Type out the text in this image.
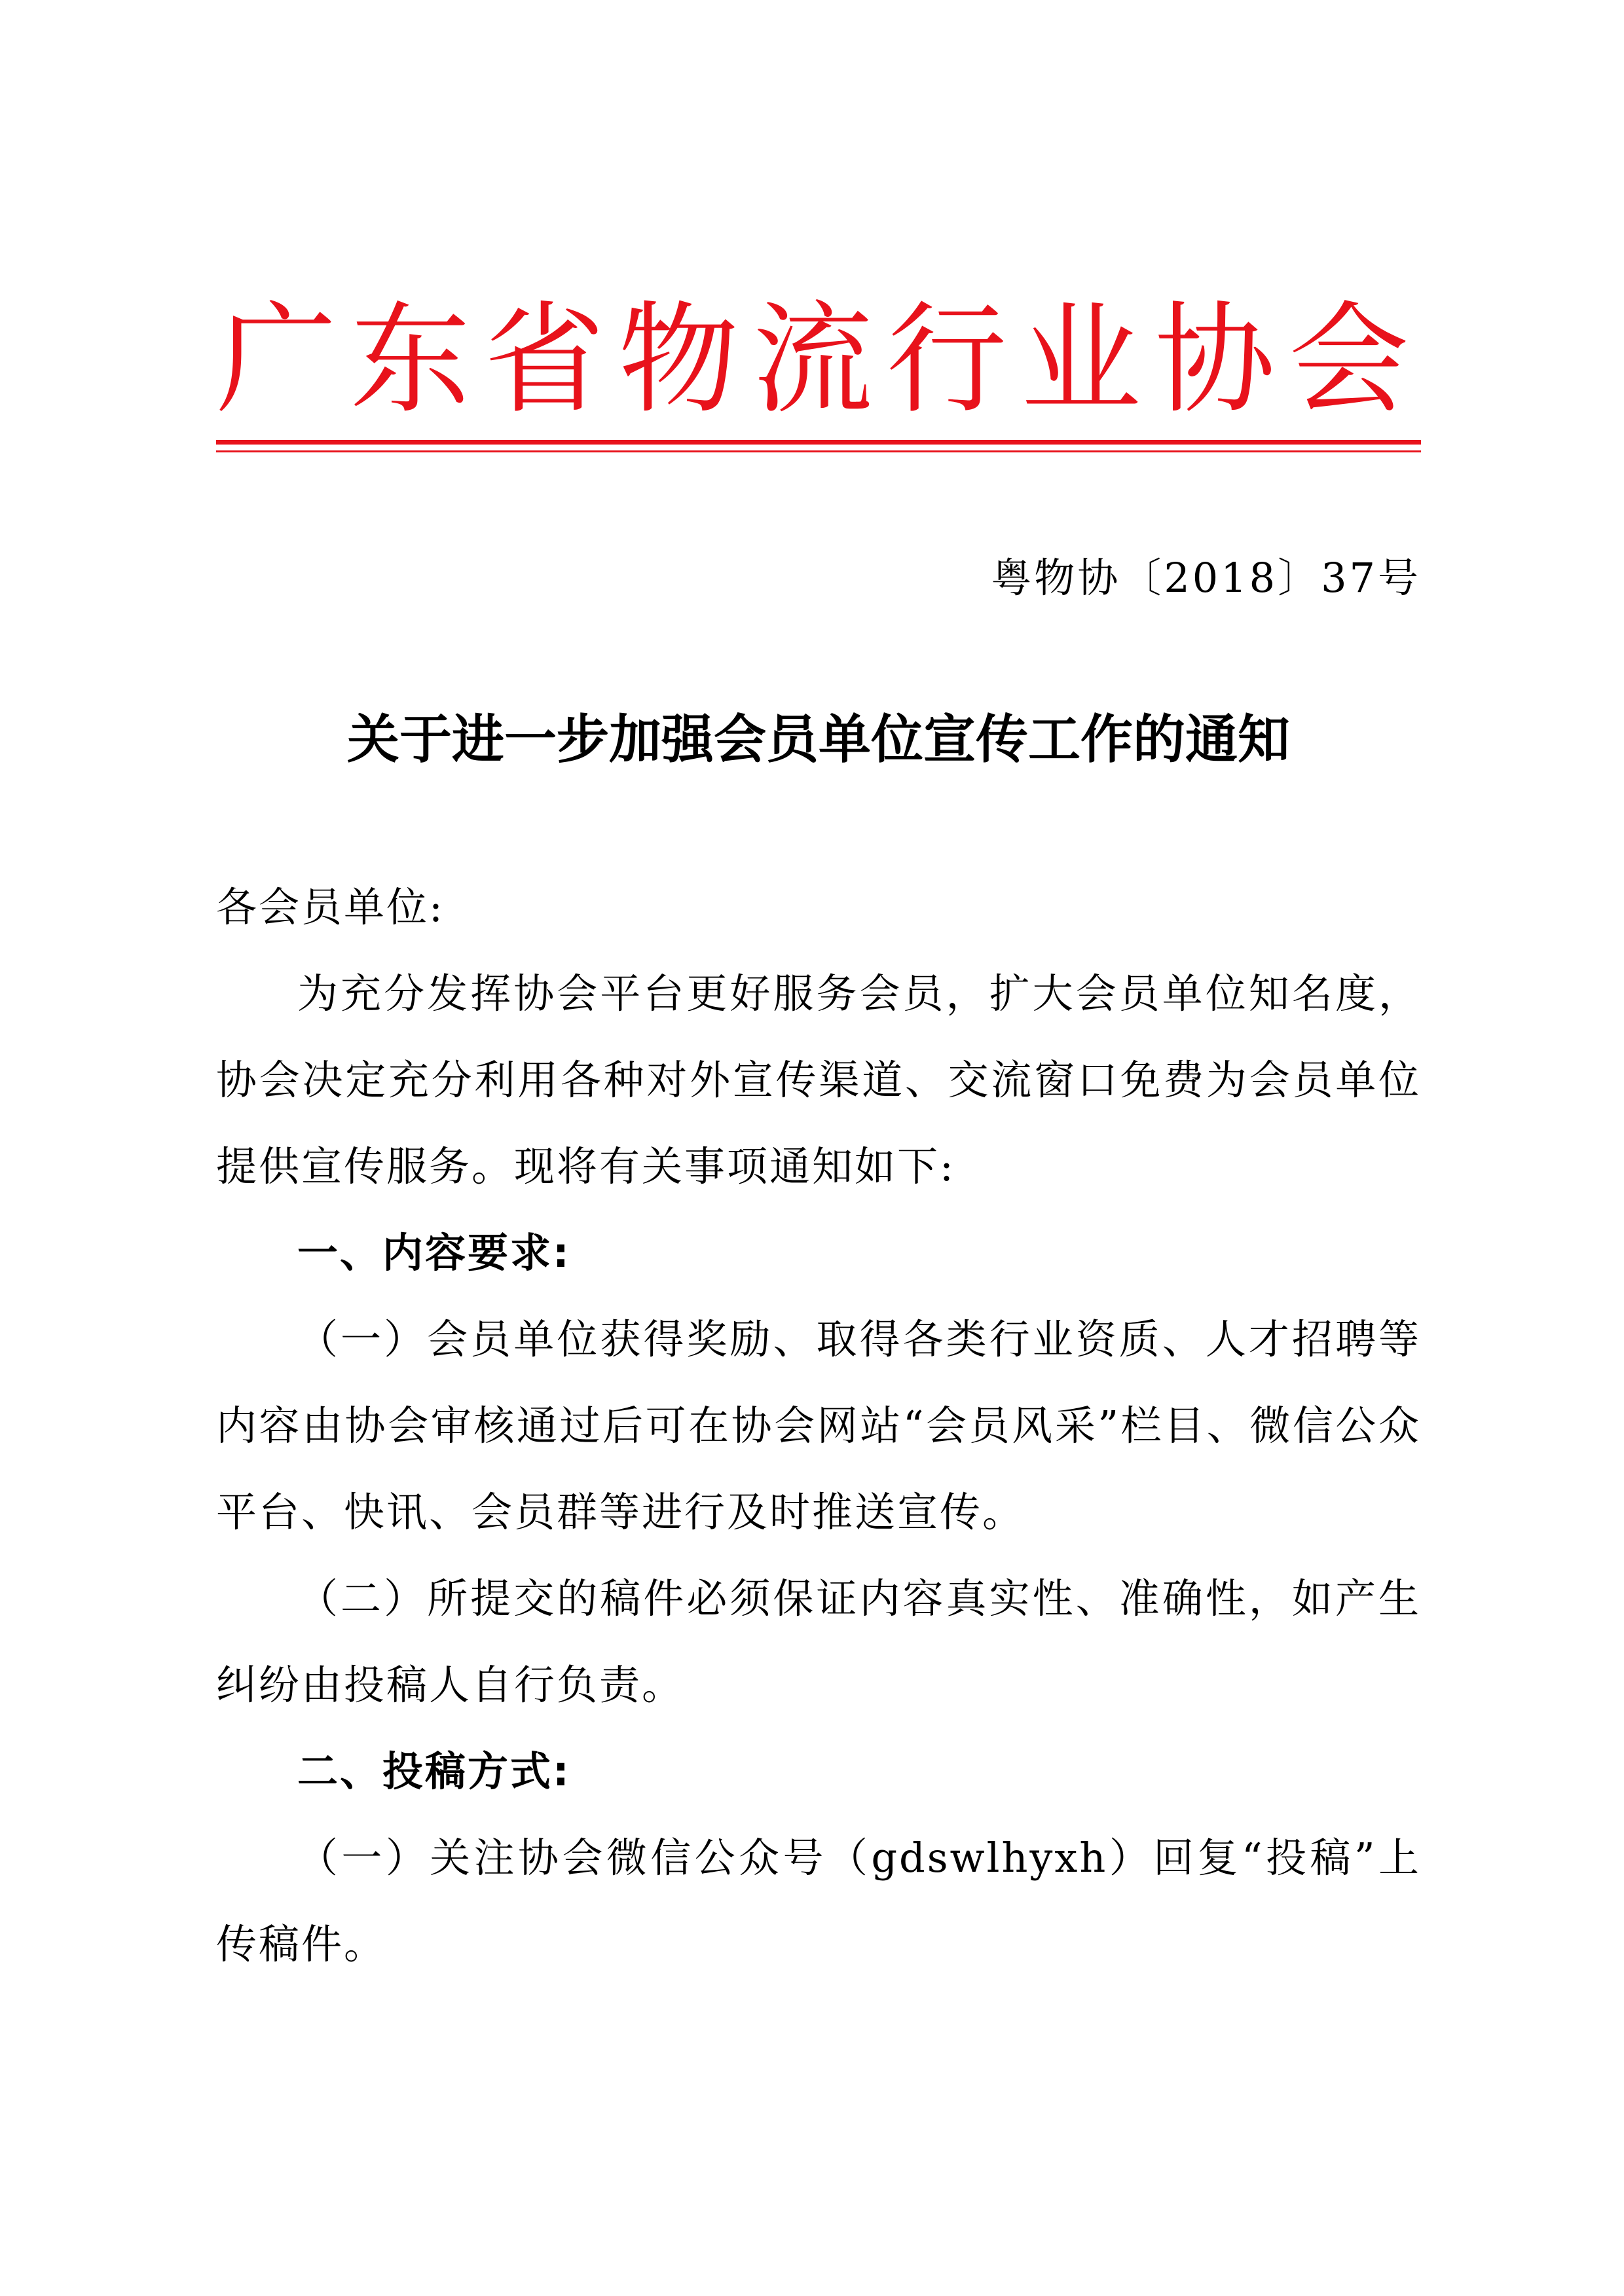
广东省物流行业协会
粤物协〔2018〕37号
关于进一步加强会员单位宣传工作的通知

各会员单位:

为充分发挥协会平台更好服务会员，扩大会员单位知名度，协会决定充分利用各种对外宣传渠道、交流窗口免费为会员单位提供宣传服务。现将有关事项通知如下:

一、内容要求:

（一）会员单位获得奖励、取得各类行业资质、人才招聘等内容由协会审核通过后可在协会网站“会员风采”栏目、微信公众平台、快讯、会员群等进行及时推送宣传。

（二）所提交的稿件必须保证内容真实性、准确性，如产生纠纷由投稿人自行负责。

二、投稿方式:

（一）关注协会微信公众号（gdswlhyxh）回复“投稿”上传稿件。
